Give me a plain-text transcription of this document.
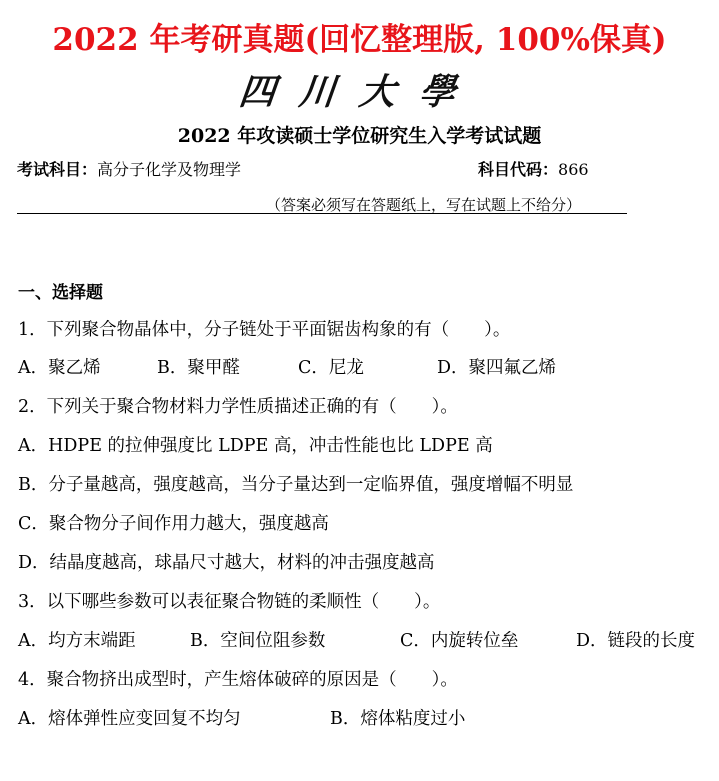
2022 年考研真题(回忆整理版, 100%保真)
四川大學
2022 年攻读硕士学位研究生入学考试试题
考试科目：高分子化学及物理学	科目代码：866
（答案必须写在答题纸上，写在试题上不给分）
一、选择题
1．下列聚合物晶体中，分子链处于平面锯齿构象的有（　　）。
A．聚乙烯	B．聚甲醛	C．尼龙	D．聚四氟乙烯
2．下列关于聚合物材料力学性质描述正确的有（　　）。
A．HDPE 的拉伸强度比 LDPE 高，冲击性能也比 LDPE 高
B．分子量越高，强度越高，当分子量达到一定临界值，强度增幅不明显
C．聚合物分子间作用力越大，强度越高
D．结晶度越高，球晶尺寸越大，材料的冲击强度越高
3．以下哪些参数可以表征聚合物链的柔顺性（　　）。
A．均方末端距	B．空间位阻参数	C．内旋转位垒	D．链段的长度
4．聚合物挤出成型时，产生熔体破碎的原因是（　　）。
A．熔体弹性应变回复不均匀	B．熔体粘度过小
